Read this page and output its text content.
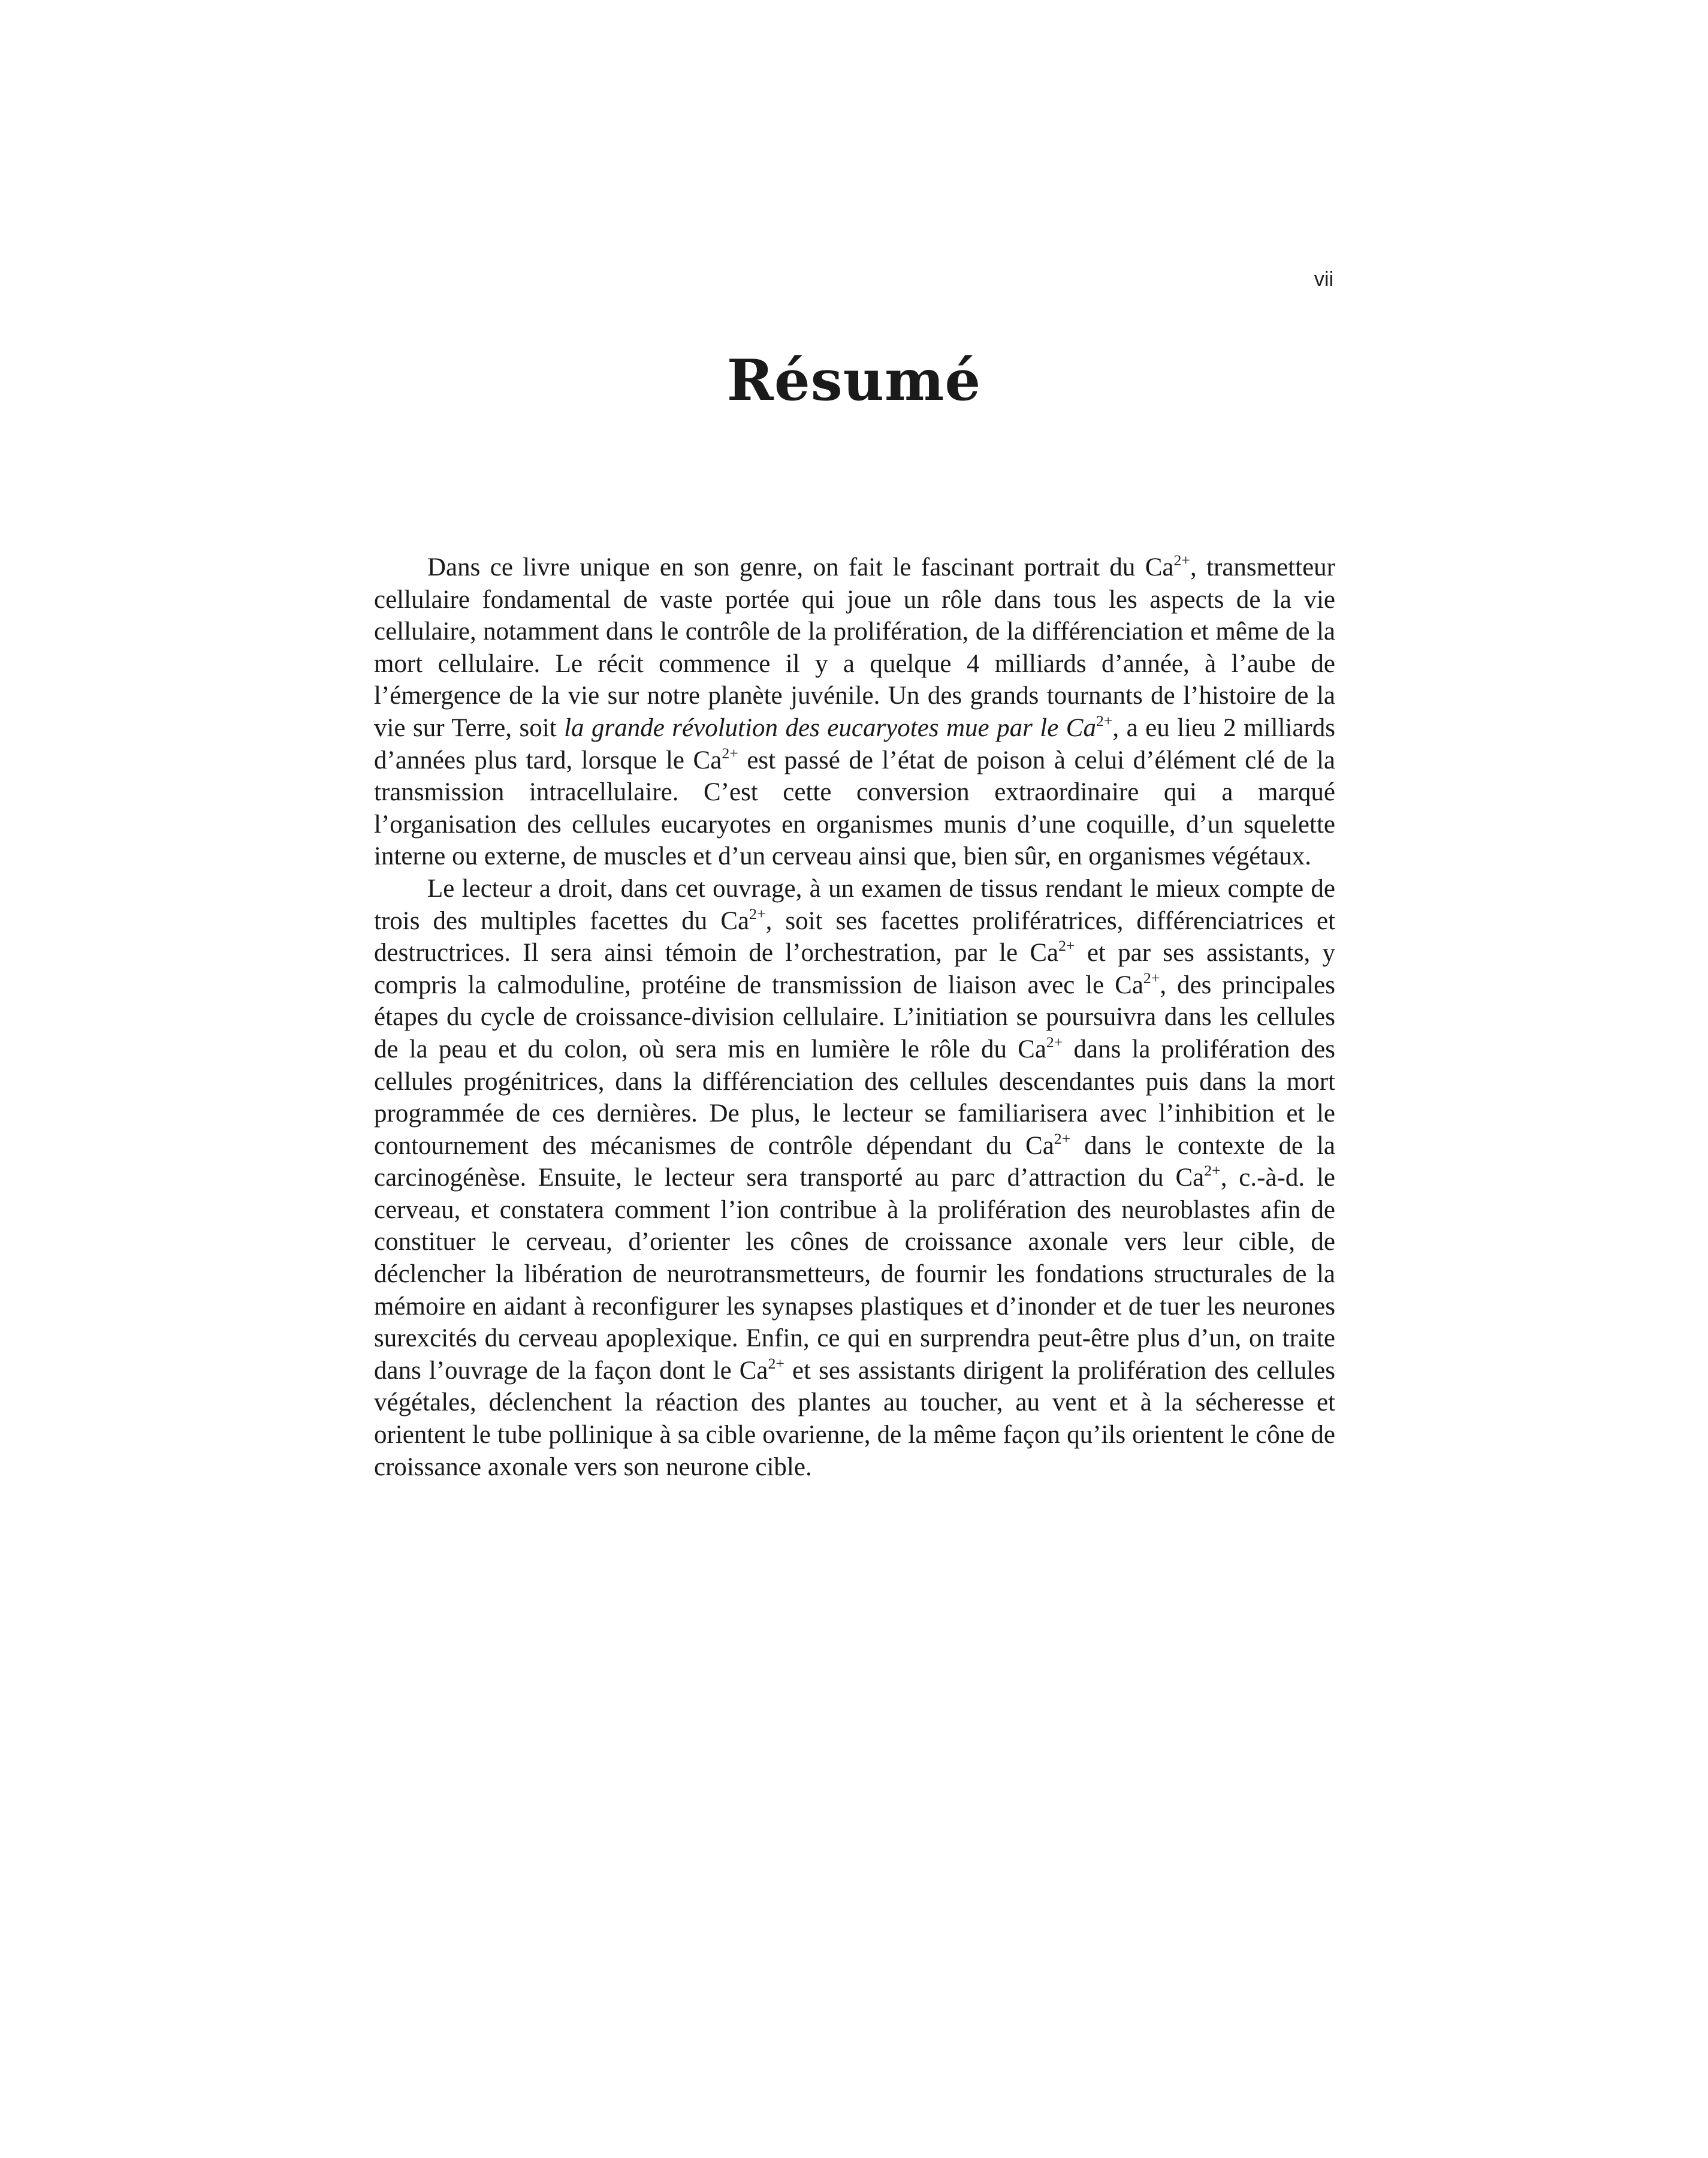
vii
Résumé

Dans ce livre unique en son genre, on fait le fascinant portrait du $Ca^{2+}$, transmetteur cellulaire fondamental de vaste portée qui joue un rôle dans tous les aspects de la vie cellulaire, notamment dans le contrôle de la prolifération, de la différenciation et même de la mort cellulaire. Le récit commence il y a quelque 4 milliards d’année, à l’aube de l’émergence de la vie sur notre planète juvénile. Un des grands tournants de l’histoire de la vie sur Terre, soit la grande révolution des eucaryotes mue par le $Ca^{2+}$, a eu lieu 2 milliards d’années plus tard, lorsque le $Ca^{2+}$ est passé de l’état de poison à celui d’élément clé de la transmission intracellulaire. C’est cette conversion extraordinaire qui a marqué l’organisation des cellules eucaryotes en organismes munis d’une coquille, d’un squelette interne ou externe, de muscles et d’un cerveau ainsi que, bien sûr, en organismes végétaux.

Le lecteur a droit, dans cet ouvrage, à un examen de tissus rendant le mieux compte de trois des multiples facettes du $Ca^{2+}$, soit ses facettes prolifératrices, différenciatrices et destructrices. Il sera ainsi témoin de l’orchestration, par le $Ca^{2+}$ et par ses assistants, y compris la calmoduline, protéine de transmission de liaison avec le $Ca^{2+}$, des principales étapes du cycle de croissance-division cellulaire. L’initiation se poursuivra dans les cellules de la peau et du colon, où sera mis en lumière le rôle du $Ca^{2+}$ dans la prolifération des cellules progénitrices, dans la différenciation des cellules descendantes puis dans la mort programmée de ces dernières. De plus, le lecteur se familiarisera avec l’inhibition et le contournement des mécanismes de contrôle dépendant du $Ca^{2+}$ dans le contexte de la carcinogénèse. Ensuite, le lecteur sera transporté au parc d’attraction du $Ca^{2+}$, c.-à-d. le cerveau, et constatera comment l’ion contribue à la prolifération des neuroblastes afin de constituer le cerveau, d’orienter les cônes de croissance axonale vers leur cible, de déclencher la libération de neurotransmetteurs, de fournir les fondations structurales de la mémoire en aidant à reconfigurer les synapses plastiques et d’inonder et de tuer les neurones surexcités du cerveau apoplexique. Enfin, ce qui en surprendra peut-être plus d’un, on traite dans l’ouvrage de la façon dont le $Ca^{2+}$ et ses assistants dirigent la prolifération des cellules végétales, déclenchent la réaction des plantes au toucher, au vent et à la sécheresse et orientent le tube pollinique à sa cible ovarienne, de la même façon qu’ils orientent le cône de croissance axonale vers son neurone cible.
